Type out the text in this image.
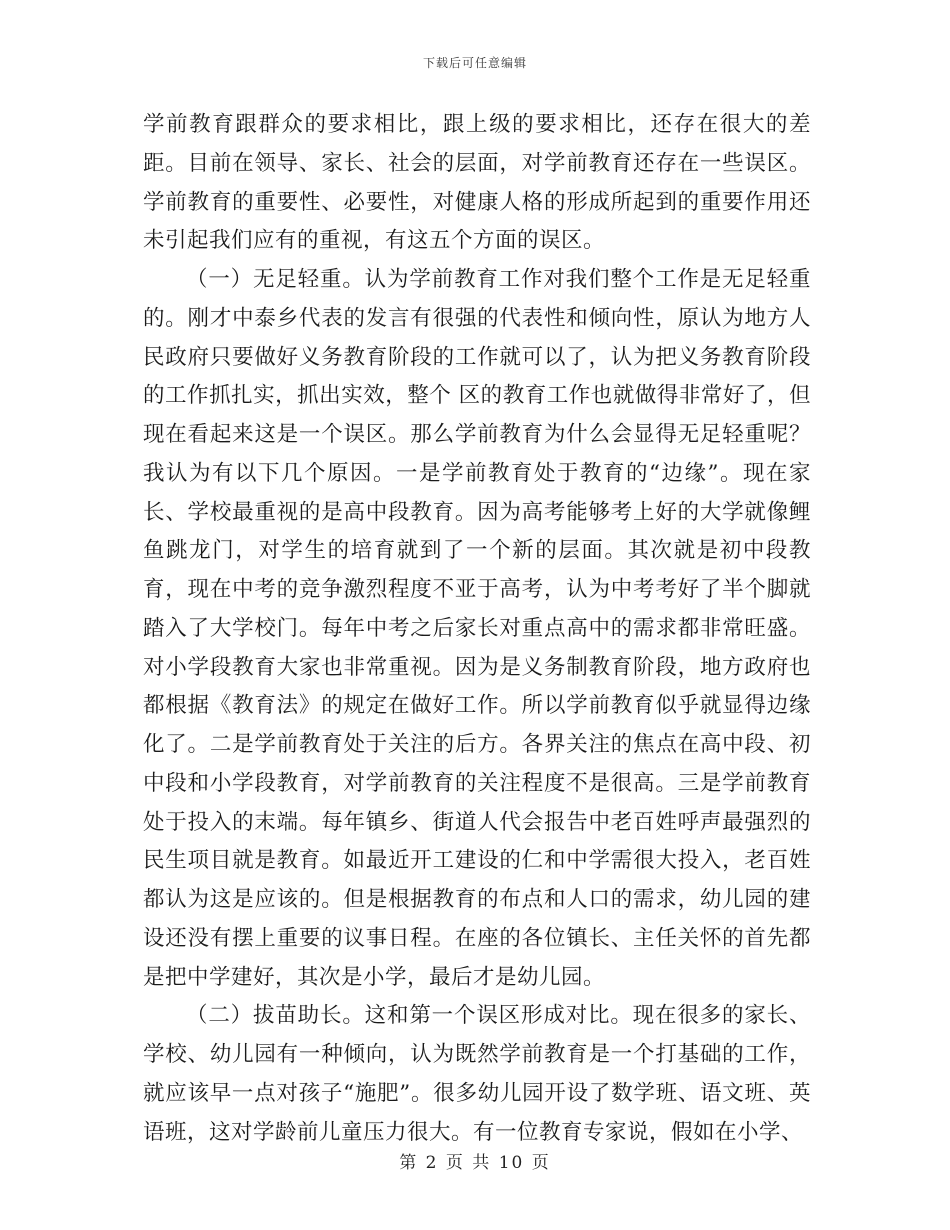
下载后可任意编辑

学前教育跟群众的要求相比，跟上级的要求相比，还存在很大的差距。目前在领导、家长、社会的层面，对学前教育还存在一些误区。学前教育的重要性、必要性，对健康人格的形成所起到的重要作用还未引起我们应有的重视，有这五个方面的误区。

（一）无足轻重。认为学前教育工作对我们整个工作是无足轻重的。刚才中泰乡代表的发言有很强的代表性和倾向性，原认为地方人民政府只要做好义务教育阶段的工作就可以了，认为把义务教育阶段的工作抓扎实，抓出实效，整个 区的教育工作也就做得非常好了，但现在看起来这是一个误区。那么学前教育为什么会显得无足轻重呢？我认为有以下几个原因。一是学前教育处于教育的“边缘”。现在家长、学校最重视的是高中段教育。因为高考能够考上好的大学就像鲤鱼跳龙门，对学生的培育就到了一个新的层面。其次就是初中段教育，现在中考的竞争激烈程度不亚于高考，认为中考考好了半个脚就踏入了大学校门。每年中考之后家长对重点高中的需求都非常旺盛。对小学段教育大家也非常重视。因为是义务制教育阶段，地方政府也都根据《教育法》的规定在做好工作。所以学前教育似乎就显得边缘化了。二是学前教育处于关注的后方。各界关注的焦点在高中段、初中段和小学段教育，对学前教育的关注程度不是很高。三是学前教育处于投入的末端。每年镇乡、街道人代会报告中老百姓呼声最强烈的民生项目就是教育。如最近开工建设的仁和中学需很大投入，老百姓都认为这是应该的。但是根据教育的布点和人口的需求，幼儿园的建设还没有摆上重要的议事日程。在座的各位镇长、主任关怀的首先都是把中学建好，其次是小学，最后才是幼儿园。

（二）拔苗助长。这和第一个误区形成对比。现在很多的家长、学校、幼儿园有一种倾向，认为既然学前教育是一个打基础的工作，就应该早一点对孩子“施肥”。很多幼儿园开设了数学班、语文班、英语班，这对学龄前儿童压力很大。有一位教育专家说，假如在小学、

第 2 页 共 10 页
